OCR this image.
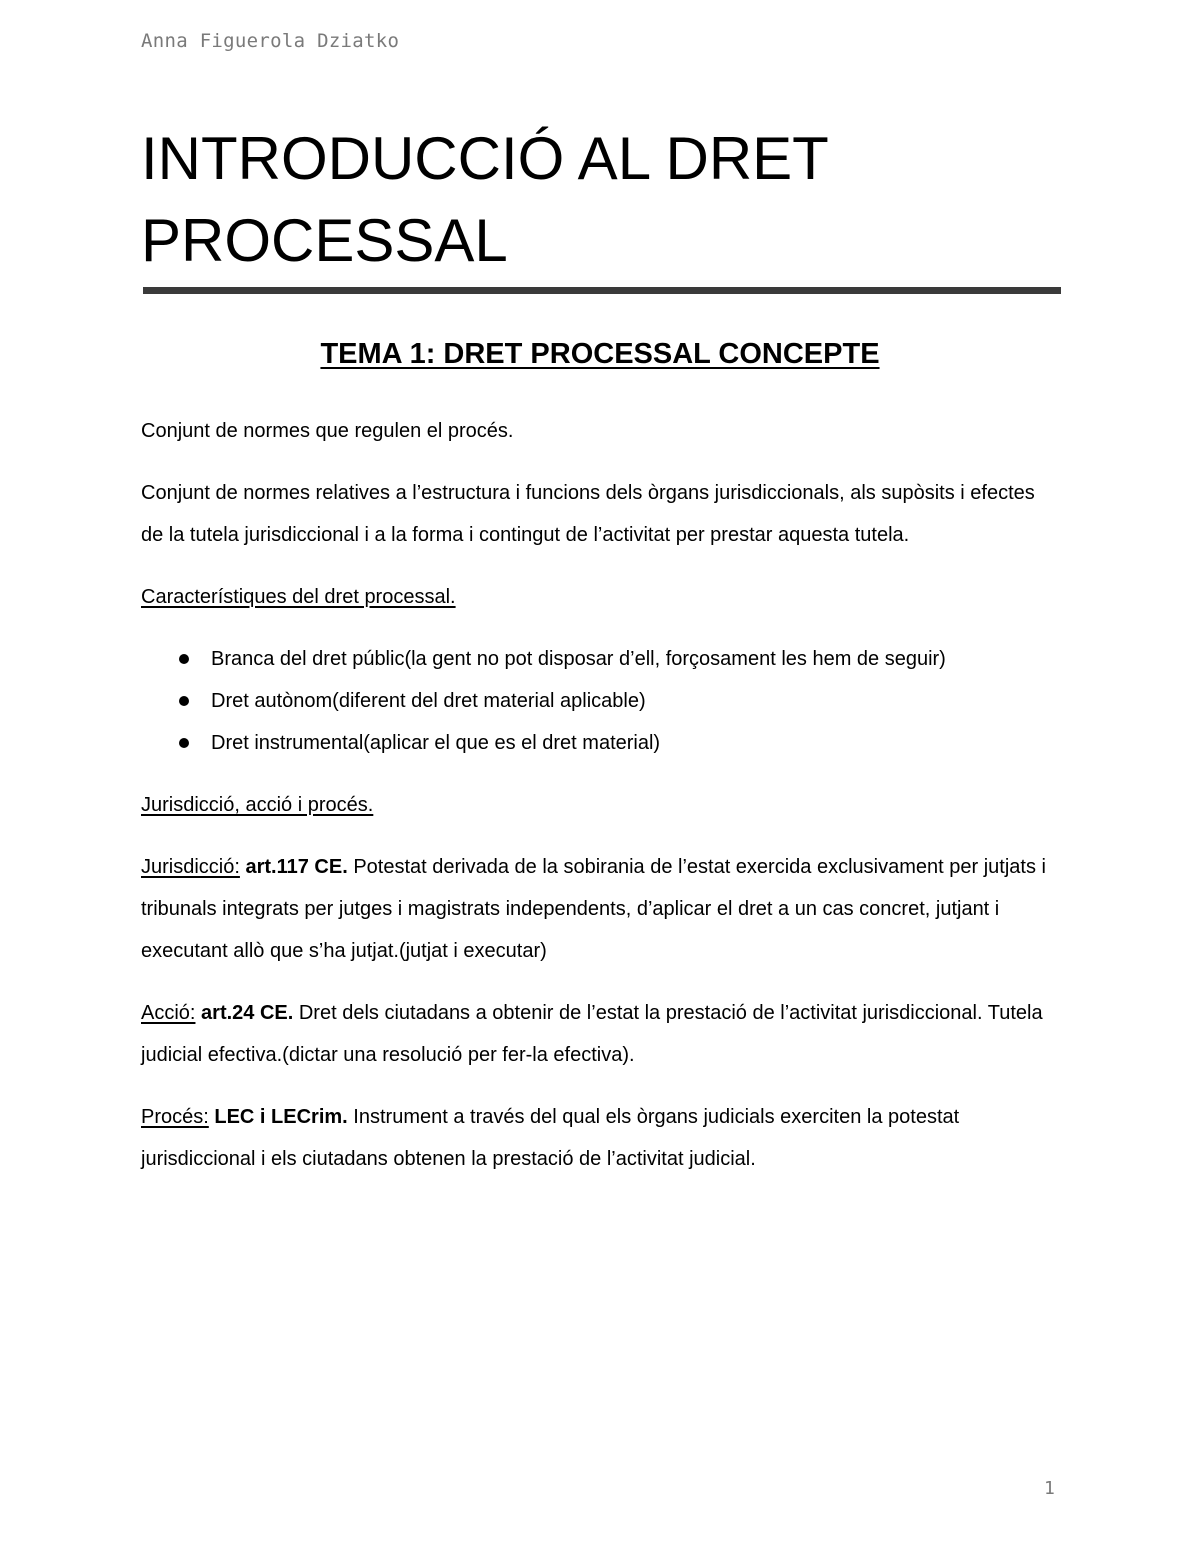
Anna Figuerola Dziatko
INTRODUCCIÓ AL DRET
PROCESSAL
TEMA 1: DRET PROCESSAL CONCEPTE

Conjunt de normes que regulen el procés.

Conjunt de normes relatives a l’estructura i funcions dels òrgans jurisdiccionals, als supòsits i efectes de la tutela jurisdiccional i a la forma i contingut de l’activitat per prestar aquesta tutela.

Característiques del dret processal.

Branca del dret públic(la gent no pot disposar d’ell, forçosament les hem de seguir)
Dret autònom(diferent del dret material aplicable)
Dret instrumental(aplicar el que es el dret material)

Jurisdicció, acció i procés.

Jurisdicció: art.117 CE. Potestat derivada de la sobirania de l’estat exercida exclusivament per jutjats i tribunals integrats per jutges i magistrats independents, d’aplicar el dret a un cas concret, jutjant i executant allò que s’ha jutjat.(jutjat i executar)

Acció: art.24 CE. Dret dels ciutadans a obtenir de l’estat la prestació de l’activitat jurisdiccional. Tutela judicial efectiva.(dictar una resolució per fer-la efectiva).

Procés: LEC i LECrim. Instrument a través del qual els òrgans judicials exerciten la potestat jurisdiccional i els ciutadans obtenen la prestació de l’activitat judicial.

1
